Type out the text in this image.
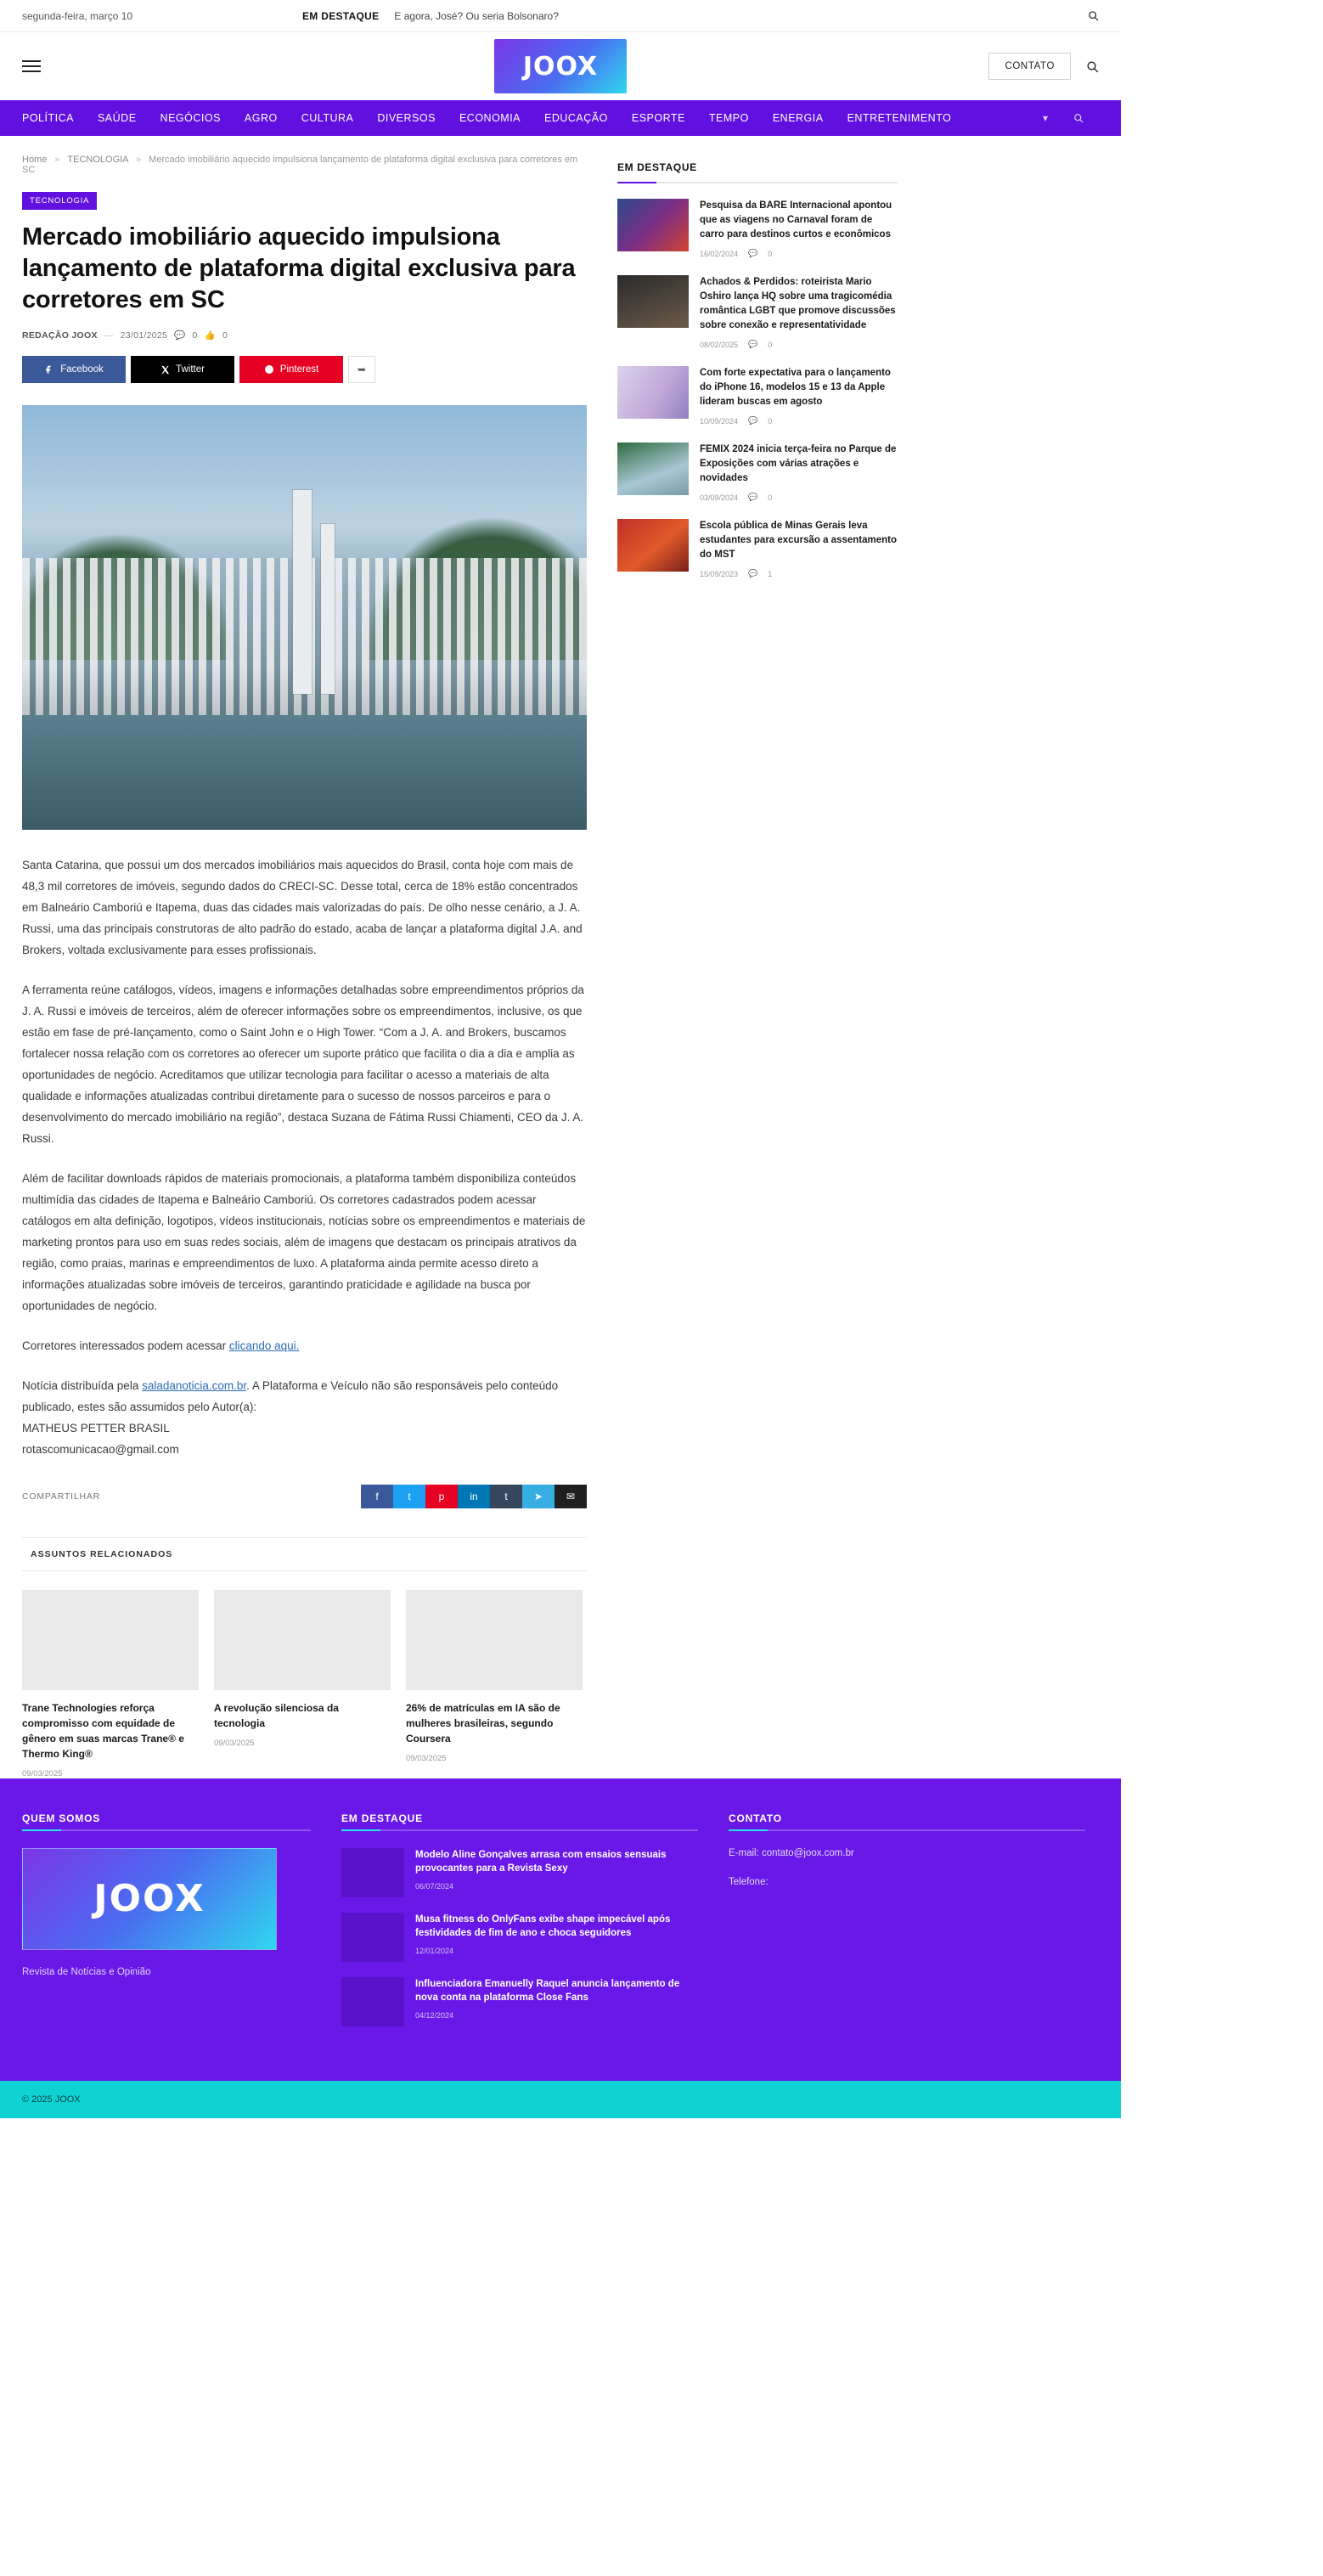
segunda-feira, março 10	EM DESTAQUE E agora, José? Ou seria Bolsonaro?
JOOX	CONTATO
POLÍTICA SAÚDE NEGÓCIOS AGRO CULTURA DIVERSOS ECONOMIA EDUCAÇÃO ESPORTE TEMPO ENERGIA ENTRETENIMENTO	▾
Home » TECNOLOGIA » Mercado imobiliário aquecido impulsiona lançamento de plataforma digital exclusiva para corretores em SC
TECNOLOGIA
Mercado imobiliário aquecido impulsiona lançamento de plataforma digital exclusiva para corretores em SC
REDAÇÃO JOOX — 23/01/2025 💬 0 👍 0
Facebook	Twitter	Pinterest	➥

Santa Catarina, que possui um dos mercados imobiliários mais aquecidos do Brasil, conta hoje com mais de 48,3 mil corretores de imóveis, segundo dados do CRECI-SC. Desse total, cerca de 18% estão concentrados em Balneário Camboriú e Itapema, duas das cidades mais valorizadas do país. De olho nesse cenário, a J. A. Russi, uma das principais construtoras de alto padrão do estado, acaba de lançar a plataforma digital J.A. and Brokers, voltada exclusivamente para esses profissionais.

A ferramenta reúne catálogos, vídeos, imagens e informações detalhadas sobre empreendimentos próprios da J. A. Russi e imóveis de terceiros, além de oferecer informações sobre os empreendimentos, inclusive, os que estão em fase de pré-lançamento, como o Saint John e o High Tower. “Com a J. A. and Brokers, buscamos fortalecer nossa relação com os corretores ao oferecer um suporte prático que facilita o dia a dia e amplia as oportunidades de negócio. Acreditamos que utilizar tecnologia para facilitar o acesso a materiais de alta qualidade e informações atualizadas contribui diretamente para o sucesso de nossos parceiros e para o desenvolvimento do mercado imobiliário na região”, destaca Suzana de Fátima Russi Chiamenti, CEO da J. A. Russi.

Além de facilitar downloads rápidos de materiais promocionais, a plataforma também disponibiliza conteúdos multimídia das cidades de Itapema e Balneário Camboriú. Os corretores cadastrados podem acessar catálogos em alta definição, logotipos, vídeos institucionais, notícias sobre os empreendimentos e materiais de marketing prontos para uso em suas redes sociais, além de imagens que destacam os principais atrativos da região, como praias, marinas e empreendimentos de luxo. A plataforma ainda permite acesso direto a informações atualizadas sobre imóveis de terceiros, garantindo praticidade e agilidade na busca por oportunidades de negócio.

Corretores interessados podem acessar clicando aqui.

Notícia distribuída pela saladanoticia.com.br. A Plataforma e Veículo não são responsáveis pelo conteúdo publicado, estes são assumidos pelo Autor(a):
MATHEUS PETTER BRASIL
rotascomunicacao@gmail.com

COMPARTILHAR	f	t	p	in	t	➤	✉
ASSUNTOS RELACIONADOS
Trane Technologies reforça compromisso com equidade de gênero em suas marcas Trane® e Thermo King®
09/03/2025
A revolução silenciosa da tecnologia
09/03/2025
26% de matrículas em IA são de mulheres brasileiras, segundo Coursera
09/03/2025
EM DESTAQUE
Pesquisa da BARE Internacional apontou que as viagens no Carnaval foram de carro para destinos curtos e econômicos
16/02/2024 💬 0
Achados & Perdidos: roteirista Mario Oshiro lança HQ sobre uma tragicomédia romântica LGBT que promove discussões sobre conexão e representatividade
08/02/2025 💬 0
Com forte expectativa para o lançamento do iPhone 16, modelos 15 e 13 da Apple lideram buscas em agosto
10/09/2024 💬 0
FEMIX 2024 inicia terça-feira no Parque de Exposições com várias atrações e novidades
03/09/2024 💬 0
Escola pública de Minas Gerais leva estudantes para excursão a assentamento do MST
15/09/2023 💬 1
QUEM SOMOS
JOOX
Revista de Notícias e Opinião
EM DESTAQUE
Modelo Aline Gonçalves arrasa com ensaios sensuais provocantes para a Revista Sexy
06/07/2024
Musa fitness do OnlyFans exibe shape impecável após festividades de fim de ano e choca seguidores
12/01/2024
Influenciadora Emanuelly Raquel anuncia lançamento de nova conta na plataforma Close Fans
04/12/2024
CONTATO
E-mail: contato@joox.com.br
Telefone:
© 2025 JOOX
